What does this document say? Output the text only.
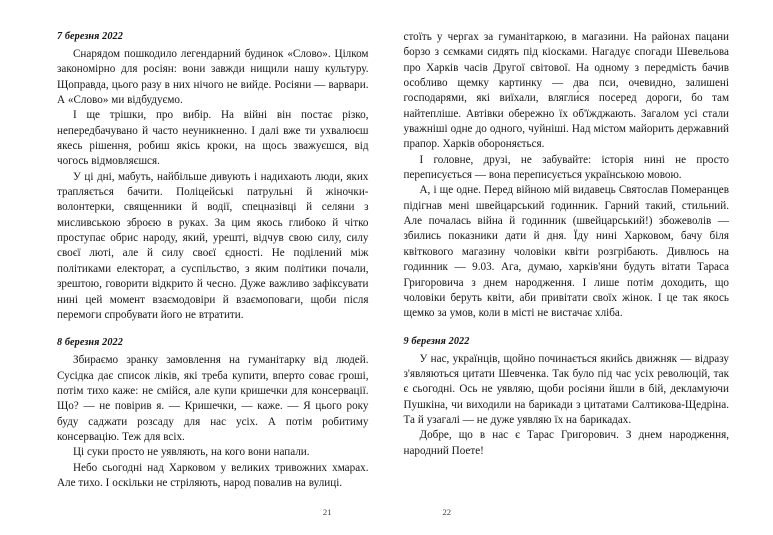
7 березня 2022

Снарядом пошкодило легендарний будинок «Слово». Цілком закономірно для росіян: вони завжди нищили нашу культуру. Щоправда, цього разу в них нічого не вийде. Росіяни — варвари. А «Слово» ми відбудуємо.

І ще трішки, про вибір. На війні він постає різко, непередбачувано й часто неуникненно. І далі вже ти ухвалюєш якесь рішення, робиш якісь кроки, на щось зважуєшся, від чогось відмовляєшся.

У ці дні, мабуть, найбільше дивують і надихають люди, яких трапляється бачити. Поліцейські патрульні й жіночки-волонтерки, священники й водії, спецназівці й селяни з мисливською зброєю в руках. За цим якось глибоко й чітко проступає обрис народу, який, урешті, відчув свою силу, силу своєї люті, але й силу своєї єдності. Не поділений між політиками електорат, а суспільство, з яким політики почали, зрештою, говорити відкрито й чесно. Дуже важливо зафіксувати нині цей момент взаємодовіри й взаємоповаги, щоби після перемоги спробувати його не втратити.

8 березня 2022

Збираємо зранку замовлення на гуманітарку від людей. Сусідка дає список ліків, які треба купити, вперто соває гроші, потім тихо каже: не смійся, але купи кришечки для консервації. Що? — не повірив я. — Кришечки, — каже. — Я цього року буду саджати розсаду для нас усіх. А потім робитиму консервацію. Теж для всіх.

Ці суки просто не уявляють, на кого вони напали.

Небо сьогодні над Харковом у великих тривожних хмарах. Але тихо. І оскільки не стріляють, народ повалив на вулиці.

21

стоїть у чергах за гуманітаркою, в магазини. На районах пацани борзо з сємками сидять під кіосками. Нагадує спогади Шевельова про Харків часів Другої світової. На одному з передмість бачив особливо щемку картинку — два пси, очевидно, залишені господарями, які виїхали, влягли́ся посеред дороги, бо там найтепліше. Автівки обережно їх об'їжджають. Загалом усі стали уважніші одне до одного, чуйніші. Над містом майорить державний прапор. Харків обороняється.

І головне, друзі, не забувайте: історія нині не просто переписується — вона переписується українською мовою.

А, і ще одне. Перед війною мій видавець Святослав Померанцев підігнав мені швейцарський годинник. Гарний такий, стильний. Але почалась війна й годинник (швейцарський!) збожеволів — збились показники дати й дня. Їду нині Харковом, бачу біля квіткового магазину чоловіки квіти розгрібають. Дивлюсь на годинник — 9.03. Ага, думаю, харків'яни будуть вітати Тараса Григоровича з днем народження. І лише потім доходить, що чоловіки беруть квіти, аби привітати своїх жінок. І це так якось щемко за умов, коли в місті не вистачає хліба.

9 березня 2022

У нас, українців, щойно починається якийсь движняк — відразу з'являються цитати Шевченка. Так було під час усіх революцій, так є сьогодні. Ось не уявляю, щоби росіяни йшли в бій, декламуючи Пушкіна, чи виходили на барикади з цитатами Салтикова-Щедріна. Та й узагалі — не дуже уявляю їх на барикадах.

Добре, що в нас є Тарас Григорович. З днем народження, народний Поете!

22
